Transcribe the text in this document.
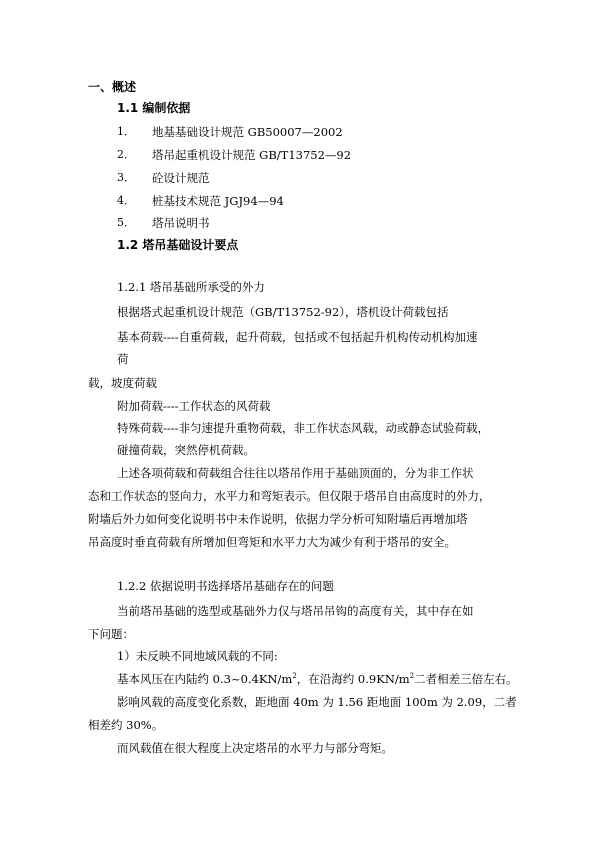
一、概述
1.1 编制依据
1． 地基基础设计规范 GB50007—2002
2． 塔吊起重机设计规范 GB/T13752—92
3． 砼设计规范
4． 桩基技术规范 JGJ94—94
5． 塔吊说明书
1.2 塔吊基础设计要点
1.2.1 塔吊基础所承受的外力
根据塔式起重机设计规范（GB/T13752-92），塔机设计荷载包括
基本荷载----自重荷载，起升荷载，包括或不包括起升机构传动机构加速
荷
载，坡度荷载
附加荷载----工作状态的风荷载
特殊荷载----非匀速提升重物荷载，非工作状态风载，动或静态试验荷载，
碰撞荷载，突然停机荷载。
上述各项荷载和荷载组合往往以塔吊作用于基础顶面的，分为非工作状
态和工作状态的竖向力，水平力和弯矩表示。但仅限于塔吊自由高度时的外力，
附墙后外力如何变化说明书中未作说明，依据力学分析可知附墙后再增加塔
吊高度时垂直荷载有所增加但弯矩和水平力大为减少有利于塔吊的安全。
1.2.2 依据说明书选择塔吊基础存在的问题
当前塔吊基础的选型或基础外力仅与塔吊吊钩的高度有关，其中存在如
下问题：
1）未反映不同地域风载的不同:
基本风压在内陆约 $0.3\sim 0.4KN/m^2$，在沿海约 $0.9KN/m^2$二者相差三倍左右。
影响风载的高度变化系数，距地面 40m 为 1.56 距地面 100m 为 2.09，二者
相差约 30%。
而风载值在很大程度上决定塔吊的水平力与部分弯矩。
